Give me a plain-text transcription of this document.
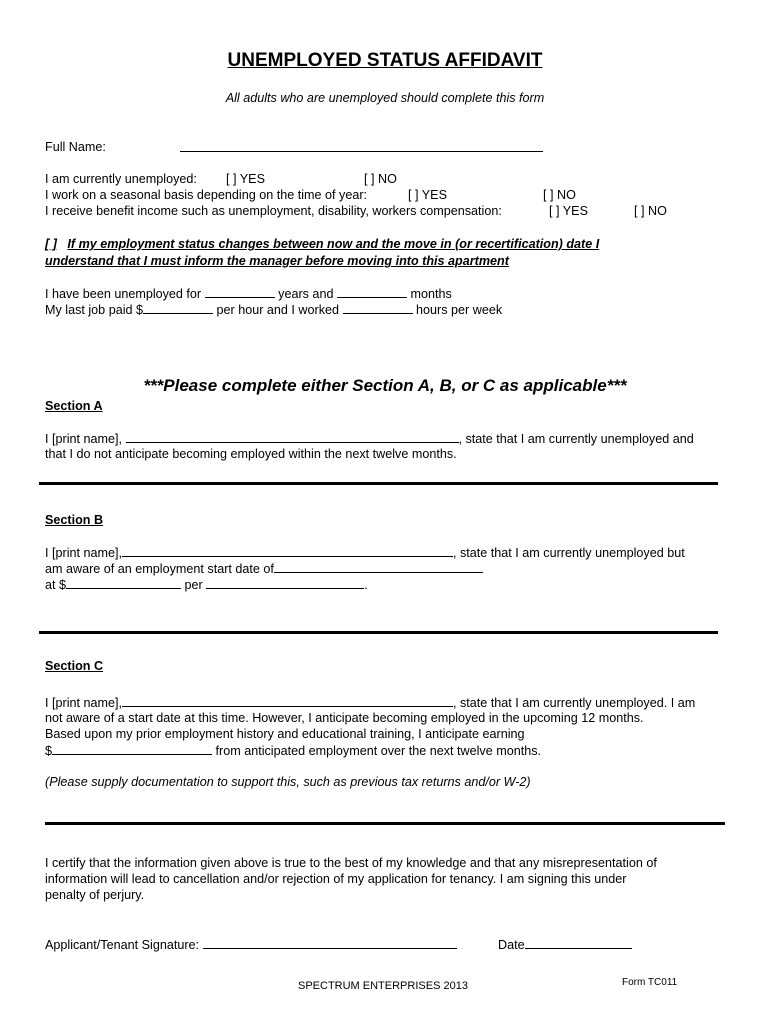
UNEMPLOYED STATUS AFFIDAVIT
All adults who are unemployed should complete this form
Full Name:
I am currently unemployed: [ ] YES	[ ] NO
I work on a seasonal basis depending on the time of year:	[ ] YES	[ ] NO
I receive benefit income such as unemployment, disability, workers compensation:	[ ] YES	[ ] NO
[ ] If my employment status changes between now and the move in (or recertification) date I
understand that I must inform the manager before moving into this apartment
I have been unemployed for	years and	months
My last job paid $	per hour and I worked	hours per week
***Please complete either Section A, B, or C as applicable***
Section A
I [print name],	, state that I am currently unemployed and
that I do not anticipate becoming employed within the next twelve months.
Section B
I [print name],	, state that I am currently unemployed but
am aware of an employment start date of
at $	per	.
Section C
I [print name],	, state that I am currently unemployed. I am
not aware of a start date at this time. However, I anticipate becoming employed in the upcoming 12 months.
Based upon my prior employment history and educational training, I anticipate earning
$	from anticipated employment over the next twelve months.
(Please supply documentation to support this, such as previous tax returns and/or W-2)
I certify that the information given above is true to the best of my knowledge and that any misrepresentation of
information will lead to cancellation and/or rejection of my application for tenancy. I am signing this under
penalty of perjury.
Applicant/Tenant Signature:	Date
SPECTRUM ENTERPRISES 2013	Form TC011
